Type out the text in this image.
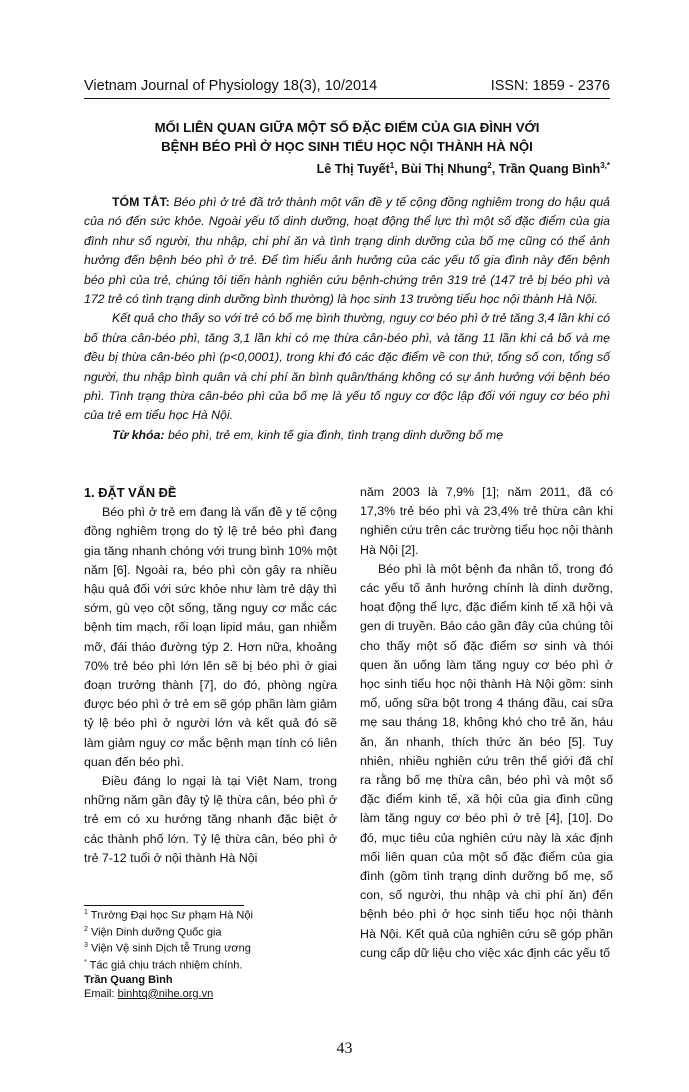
Vietnam Journal of Physiology 18(3), 10/2014	ISSN: 1859 - 2376
MỐI LIÊN QUAN GIỮA MỘT SỐ ĐẶC ĐIỂM CỦA GIA ĐÌNH VỚI
BỆNH BÉO PHÌ Ở HỌC SINH TIỂU HỌC NỘI THÀNH HÀ NỘI
Lê Thị Tuyết$^1$, Bùi Thị Nhung$^2$, Trần Quang Bình$^{3,*}$

TÓM TẮT: Béo phì ở trẻ đã trở thành một vấn đề y tế cộng đồng nghiêm trong do hậu quả của nó đến sức khỏe. Ngoài yếu tố dinh dưỡng, hoạt động thể lực thì một số đặc điểm của gia đình như số người, thu nhập, chi phí ăn và tình trạng dinh dưỡng của bố mẹ cũng có thể ảnh hưởng đến bệnh béo phì ở trẻ. Để tìm hiểu ảnh hưởng của các yếu tố gia đình này đến bệnh béo phì của trẻ, chúng tôi tiến hành nghiên cứu bệnh-chứng trên 319 trẻ (147 trẻ bị béo phì và 172 trẻ có tình trạng dinh dưỡng bình thường) là học sinh 13 trường tiểu học nội thành Hà Nội.

Kết quả cho thấy so với trẻ có bố mẹ bình thường, nguy cơ béo phì ở trẻ tăng 3,4 lần khi có bố thừa cân-béo phì, tăng 3,1 lần khi có mẹ thừa cân-béo phì, và tăng 11 lần khi cả bố và mẹ đều bị thừa cân-béo phì (p<0,0001), trong khi đó các đặc điểm về con thứ, tổng số con, tổng số người, thu nhập bình quân và chi phí ăn bình quân/tháng không có sự ảnh hưởng với bệnh béo phì. Tình trạng thừa cân-béo phì của bố mẹ là yếu tố nguy cơ độc lập đối với nguy cơ béo phì của trẻ em tiểu học Hà Nội.

Từ khóa: béo phì, trẻ em, kinh tế gia đình, tình trạng dinh dưỡng bố mẹ

1. ĐẶT VẤN ĐỀ

Béo phì ở trẻ em đang là vấn đề y tế cộng đồng nghiêm trọng do tỷ lệ trẻ béo phì đang gia tăng nhanh chóng với trung bình 10% một năm [6]. Ngoài ra, béo phì còn gây ra nhiều hậu quả đối với sức khỏe như làm trẻ dậy thì sớm, gù vẹo cột sống, tăng nguy cơ mắc các bệnh tim mạch, rối loạn lipid máu, gan nhiễm mỡ, đái tháo đường týp 2. Hơn nữa, khoảng 70% trẻ béo phì lớn lên sẽ bị béo phì ở giai đoạn trưởng thành [7], do đó, phòng ngừa được béo phì ở trẻ em sẽ góp phần làm giảm tỷ lệ béo phì ở người lớn và kết quả đó sẽ làm giảm nguy cơ mắc bệnh mạn tính có liên quan đến béo phì.

Điều đáng lo ngại là tại Việt Nam, trong những năm gần đây tỷ lệ thừa cân, béo phì ở trẻ em có xu hướng tăng nhanh đặc biệt ở các thành phố lớn. Tỷ lệ thừa cân, béo phì ở trẻ 7-12 tuổi ở nội thành Hà Nội

năm 2003 là 7,9% [1]; năm 2011, đã có 17,3% trẻ béo phì và 23,4% trẻ thừa cân khi nghiên cứu trên các trường tiểu học nội thành Hà Nội [2].

Béo phì là một bệnh đa nhân tố, trong đó các yếu tố ảnh hưởng chính là dinh dưỡng, hoạt động thể lực, đặc điểm kinh tế xã hội và gen di truyền. Báo cáo gần đây của chúng tôi cho thấy một số đặc điểm sơ sinh và thói quen ăn uống làm tăng nguy cơ béo phì ở học sinh tiểu học nội thành Hà Nội gồm: sinh mổ, uống sữa bột trong 4 tháng đầu, cai sữa mẹ sau tháng 18, không khó cho trẻ ăn, háu ăn, ăn nhanh, thích thức ăn béo [5]. Tuy nhiên, nhiều nghiên cứu trên thế giới đã chỉ ra rằng bố mẹ thừa cân, béo phì và một số đặc điểm kinh tế, xã hội của gia đình cũng làm tăng nguy cơ béo phì ở trẻ [4], [10]. Do đó, mục tiêu của nghiên cứu này là xác định mối liên quan của một số đặc điểm của gia đình (gồm tình trạng dinh dưỡng bố mẹ, số con, số người, thu nhập và chi phí ăn) đến bệnh béo phì ở học sinh tiểu học nội thành Hà Nội. Kết quả của nghiên cứu sẽ góp phần cung cấp dữ liệu cho việc xác định các yếu tố

$^1$ Trường Đại học Sư phạm Hà Nội
$^2$ Viện Dinh dưỡng Quốc gia
$^3$ Viện Vệ sinh Dịch tễ Trung ương
* Tác giả chịu trách nhiệm chính.
Trần Quang Bình
Email: binhtq@nihe.org.vn
43
